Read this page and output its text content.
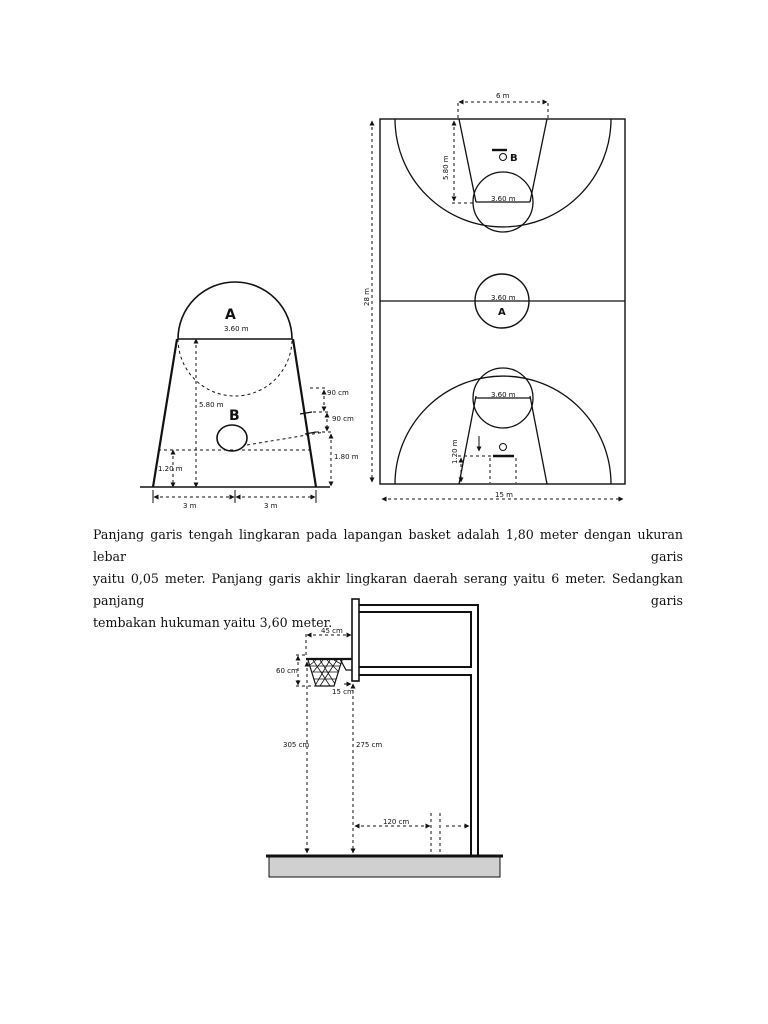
A
3.60 m
5.80 m
B
1.20 m
90 cm
90 cm
1.80 m
3 m	3 m
3.60 m
A
B
3.60 m
6 m
5.80 m
3.60 m
1.20 m
28 m
15 m
45 cm
60 cm
15 cm
305 cm	275 cm
120 cm
Panjang garis tengah lingkaran pada lapangan basket adalah 1,80 meter dengan ukuran lebar garis
yaitu 0,05 meter. Panjang garis akhir lingkaran daerah serang yaitu 6 meter. Sedangkan panjang garis
tembakan hukuman yaitu 3,60 meter.
